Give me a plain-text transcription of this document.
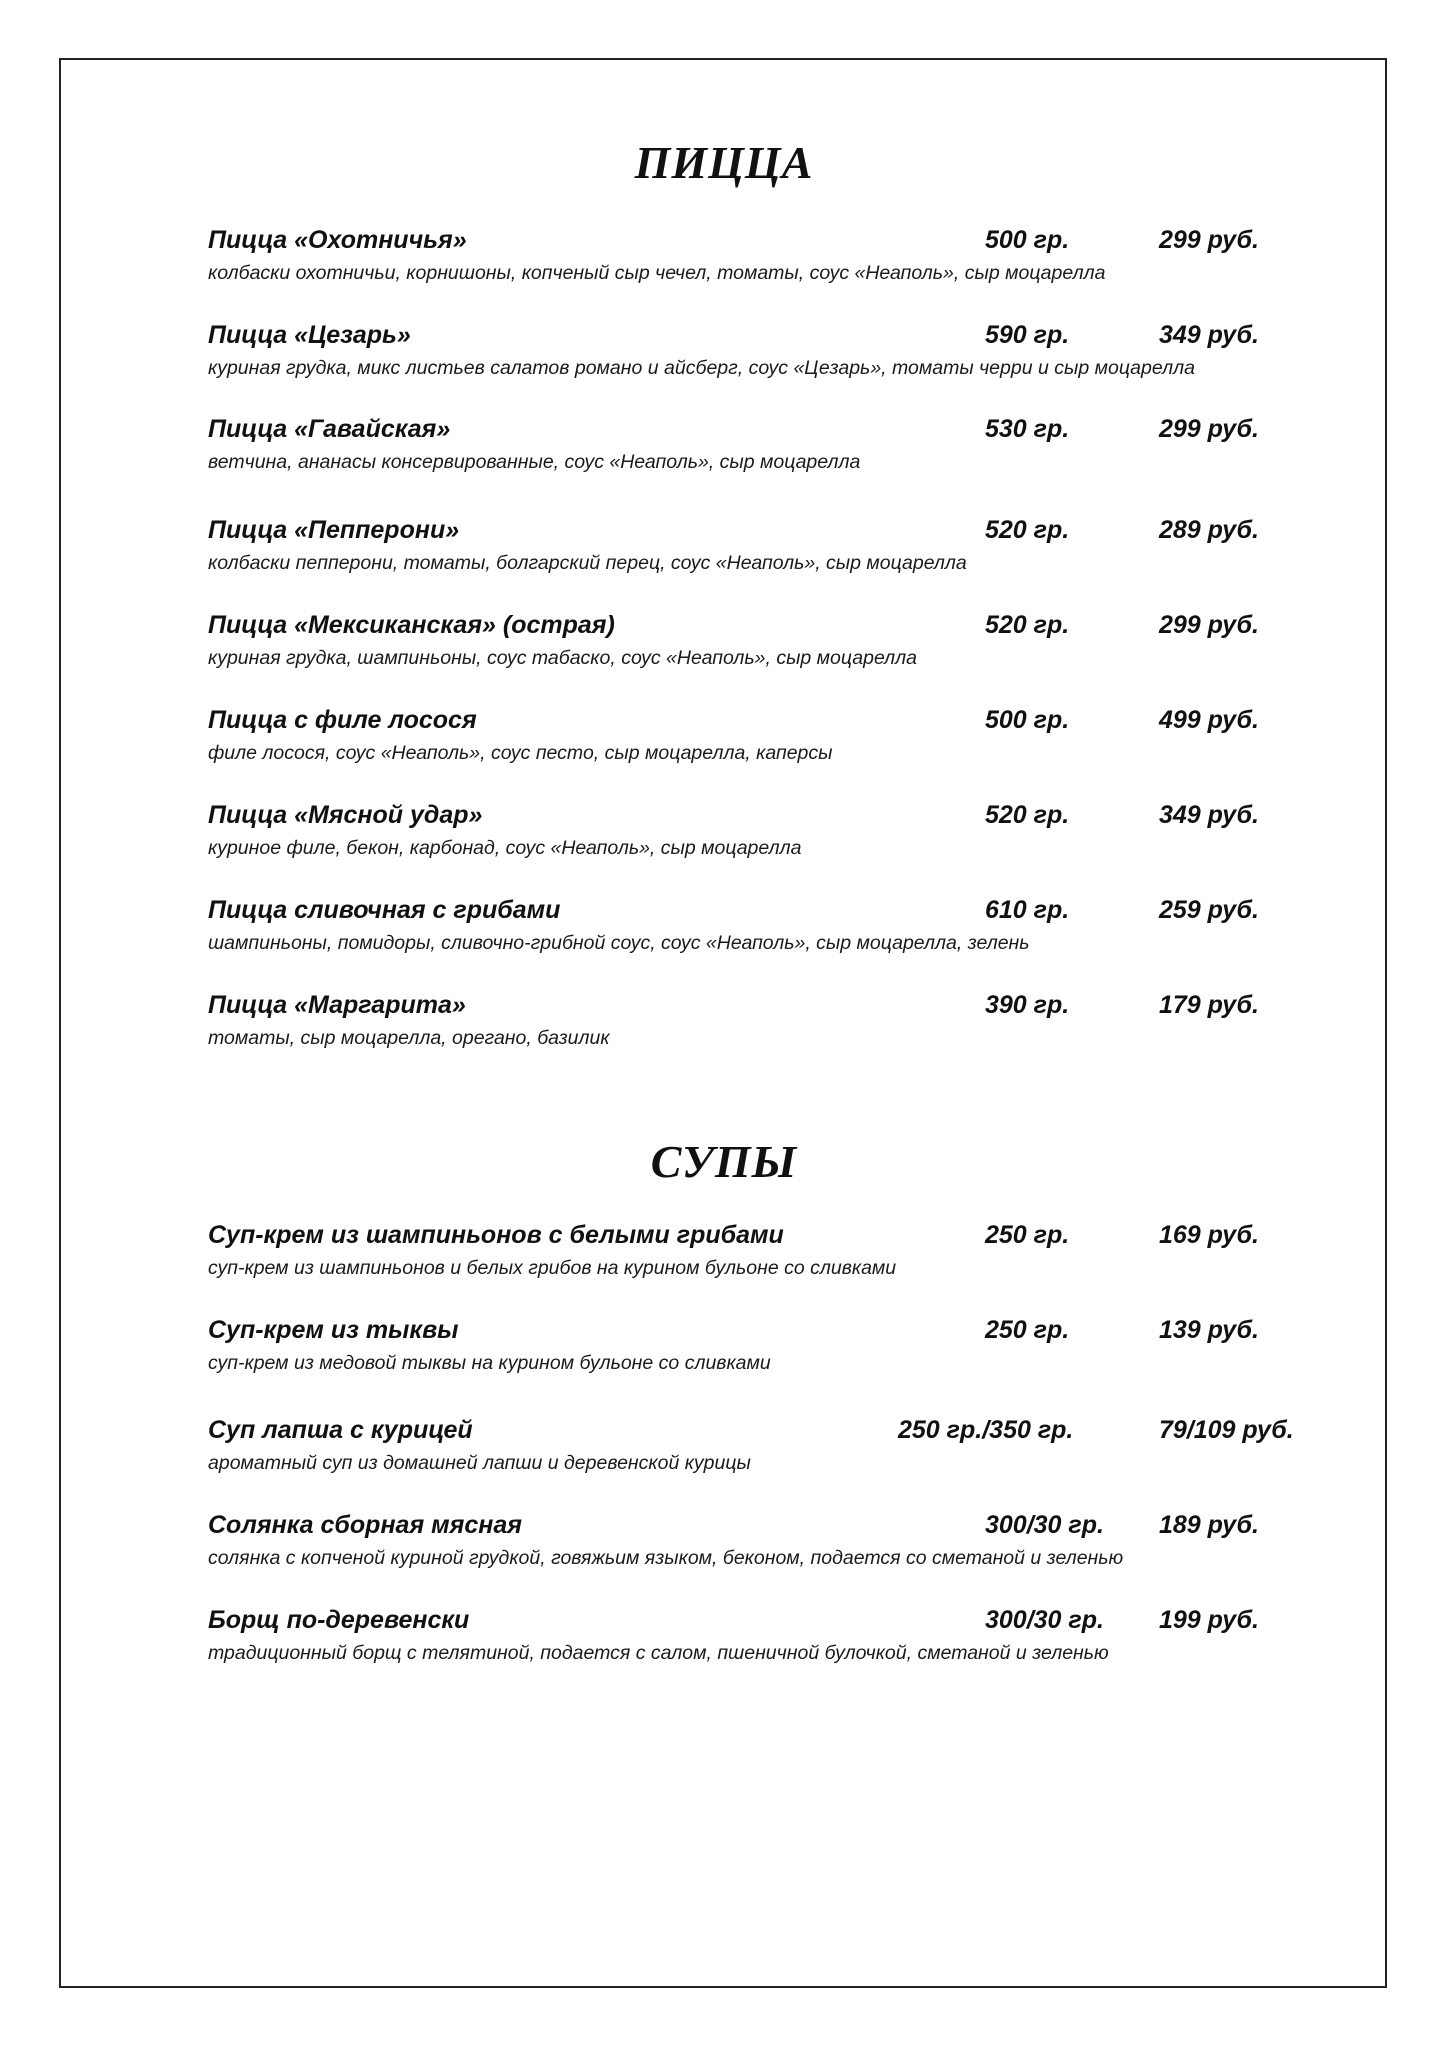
ПИЦЦА
Пицца «Охотничья»	500 гр.	299 руб.
колбаски охотничьи, корнишоны, копченый сыр чечел, томаты, соус «Неаполь», сыр моцарелла
Пицца «Цезарь»	590 гр.	349 руб.
куриная грудка, микс листьев салатов романо и айсберг, соус «Цезарь», томаты черри и сыр моцарелла
Пицца «Гавайская»	530 гр.	299 руб.
ветчина, ананасы консервированные, соус «Неаполь», сыр моцарелла
Пицца «Пепперони»	520 гр.	289 руб.
колбаски пепперони, томаты, болгарский перец, соус «Неаполь», сыр моцарелла
Пицца «Мексиканская» (острая)	520 гр.	299 руб.
куриная грудка, шампиньоны, соус табаско, соус «Неаполь», сыр моцарелла
Пицца с филе лосося	500 гр.	499 руб.
филе лосося, соус «Неаполь», соус песто, сыр моцарелла, каперсы
Пицца «Мясной удар»	520 гр.	349 руб.
куриное филе, бекон, карбонад, соус «Неаполь», сыр моцарелла
Пицца сливочная с грибами	610 гр.	259 руб.
шампиньоны, помидоры, сливочно-грибной соус, соус «Неаполь», сыр моцарелла, зелень
Пицца «Маргарита»	390 гр.	179 руб.
томаты, сыр моцарелла, орегано, базилик
СУПЫ
Суп-крем из шампиньонов с белыми грибами	250 гр.	169 руб.
суп-крем из шампиньонов и белых грибов на курином бульоне со сливками
Суп-крем из тыквы	250 гр.	139 руб.
суп-крем из медовой тыквы на курином бульоне со сливками
Суп лапша с курицей	250 гр./350 гр.	79/109 руб.
ароматный суп из домашней лапши и деревенской курицы
Солянка сборная мясная	300/30 гр. 189 руб.
солянка с копченой куриной грудкой, говяжьим языком, беконом, подается со сметаной и зеленью
Борщ по-деревенски	300/30 гр. 199 руб.
традиционный борщ с телятиной, подается с салом, пшеничной булочкой, сметаной и зеленью
